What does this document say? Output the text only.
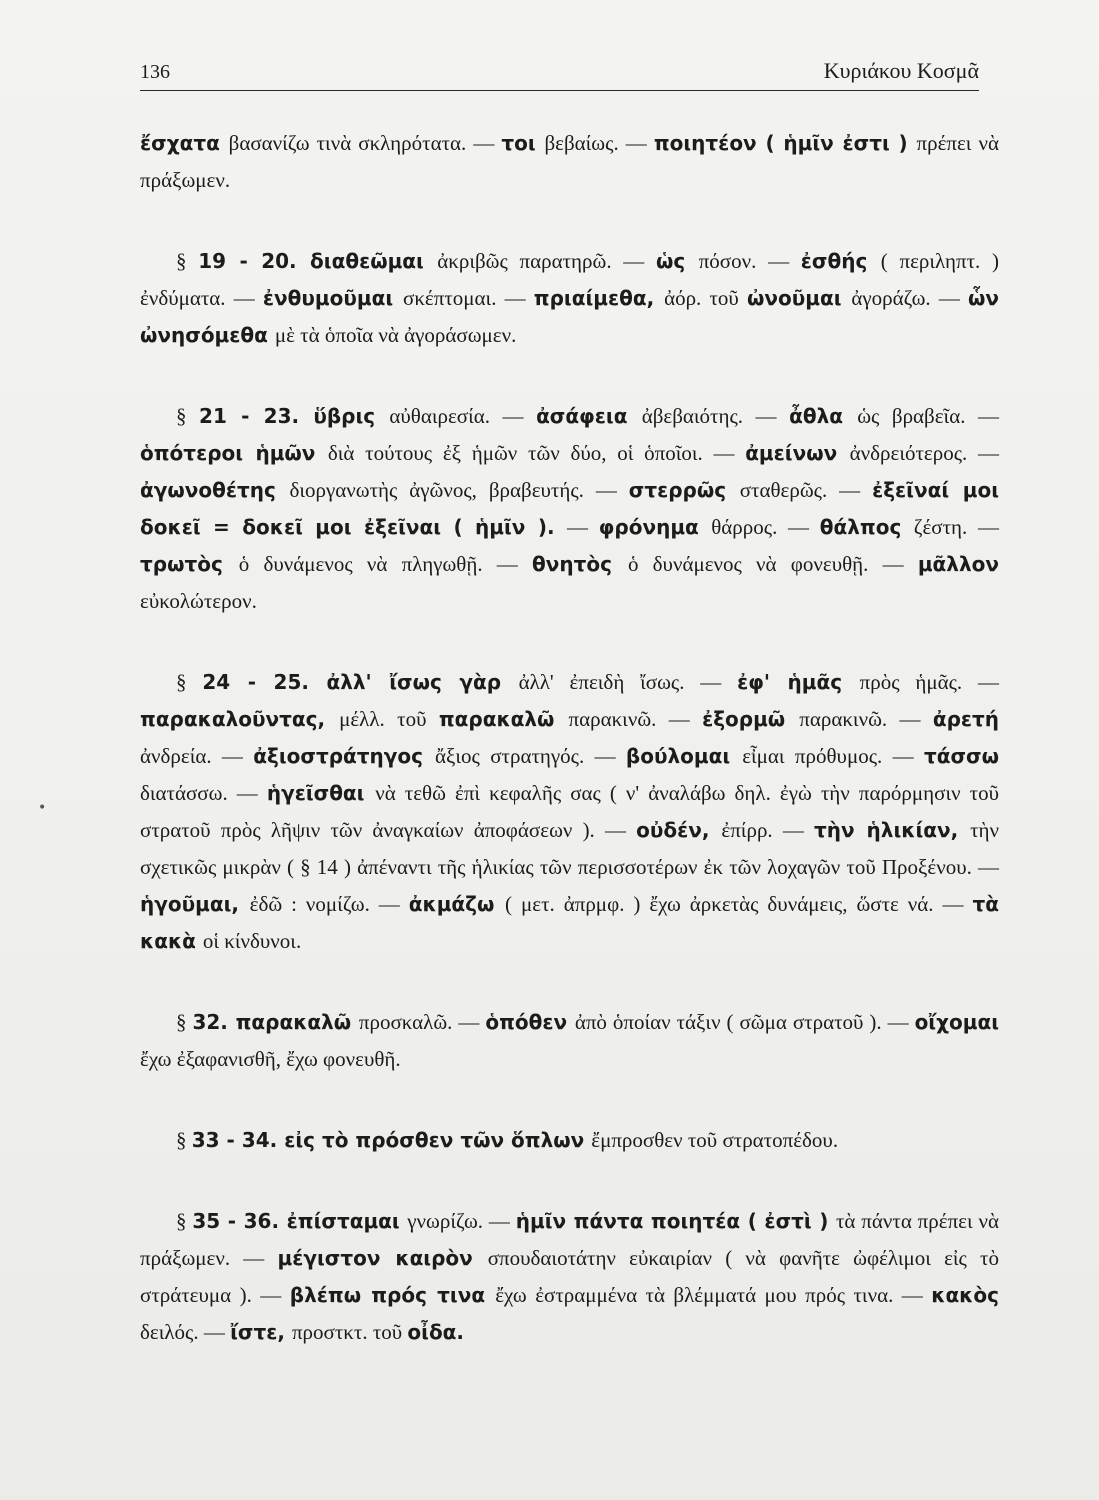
136	Κυριάκου Κοσμᾶ

ἔσχατα βασανίζω τινὰ σκληρότατα. — τοι βεβαίως. — ποιητέον ( ἡμῖν ἐστι ) πρέπει νὰ πράξωμεν.

§ 19 - 20. διαθεῶμαι ἀκριβῶς παρατηρῶ. — ὡς πόσον. — ἐσθής ( περιληπτ. ) ἐνδύματα. — ἐνθυμοῦμαι σκέπτομαι. — πριαίμεθα, ἀόρ. τοῦ ὠνοῦμαι ἀγοράζω. — ὧν ὠνησόμεθα μὲ τὰ ὁποῖα νὰ ἀγοράσωμεν.

§ 21 - 23. ὕβρις αὐθαιρεσία. — ἀσάφεια ἀβεβαιότης. — ἆθλα ὡς βραβεῖα. — ὁπότεροι ἡμῶν διὰ τούτους ἐξ ἡμῶν τῶν δύο, οἱ ὁποῖοι. — ἀμείνων ἀνδρειότερος. — ἀγωνοθέτης διοργανωτὴς ἀγῶνος, βραβευτής. — στερρῶς σταθερῶς. — ἐξεῖναί μοι δοκεῖ = δοκεῖ μοι ἐξεῖναι ( ἡμῖν ). — φρόνημα θάρρος. — θάλπος ζέστη. — τρωτὸς ὁ δυνάμενος νὰ πληγωθῇ. — θνητὸς ὁ δυνάμενος νὰ φονευθῇ. — μᾶλλον εὐκολώτερον.

§ 24 - 25. ἀλλ' ἴσως γὰρ ἀλλ' ἐπειδὴ ἴσως. — ἐφ' ἡμᾶς πρὸς ἡμᾶς. — παρακαλοῦντας, μέλλ. τοῦ παρακαλῶ παρακινῶ. — ἐξορμῶ παρακινῶ. — ἀρετή ἀνδρεία. — ἀξιοστράτηγος ἄξιος στρατηγός. — βούλομαι εἶμαι πρόθυμος. — τάσσω διατάσσω. — ἡγεῖσθαι νὰ τεθῶ ἐπὶ κεφαλῆς σας ( ν' ἀναλάβω δηλ. ἐγὼ τὴν παρόρμησιν τοῦ στρατοῦ πρὸς λῆψιν τῶν ἀναγκαίων ἀποφάσεων ). — οὐδέν, ἐπίρρ. — τὴν ἡλικίαν, τὴν σχετικῶς μικρὰν ( § 14 ) ἀπέναντι τῆς ἡλικίας τῶν περισσοτέρων ἐκ τῶν λοχαγῶν τοῦ Προξένου. — ἡγοῦμαι, ἐδῶ : νομίζω. — ἀκμάζω ( μετ. ἀπρμφ. ) ἔχω ἀρκετὰς δυνάμεις, ὥστε νά. — τὰ κακὰ οἱ κίνδυνοι.

§ 32. παρακαλῶ προσκαλῶ. — ὁπόθεν ἀπὸ ὁποίαν τάξιν ( σῶμα στρατοῦ ). — οἴχομαι ἔχω ἐξαφανισθῆ, ἔχω φονευθῆ.

§ 33 - 34. εἰς τὸ πρόσθεν τῶν ὅπλων ἔμπροσθεν τοῦ στρατοπέδου.

§ 35 - 36. ἐπίσταμαι γνωρίζω. — ἡμῖν πάντα ποιητέα ( ἐστὶ ) τὰ πάντα πρέπει νὰ πράξωμεν. — μέγιστον καιρὸν σπουδαιοτάτην εὐκαιρίαν ( νὰ φανῆτε ὠφέλιμοι εἰς τὸ στράτευμα ). — βλέπω πρός τινα ἔχω ἐστραμμένα τὰ βλέμματά μου πρός τινα. — κακὸς δειλός. — ἴστε, προστκτ. τοῦ οἶδα.

•
